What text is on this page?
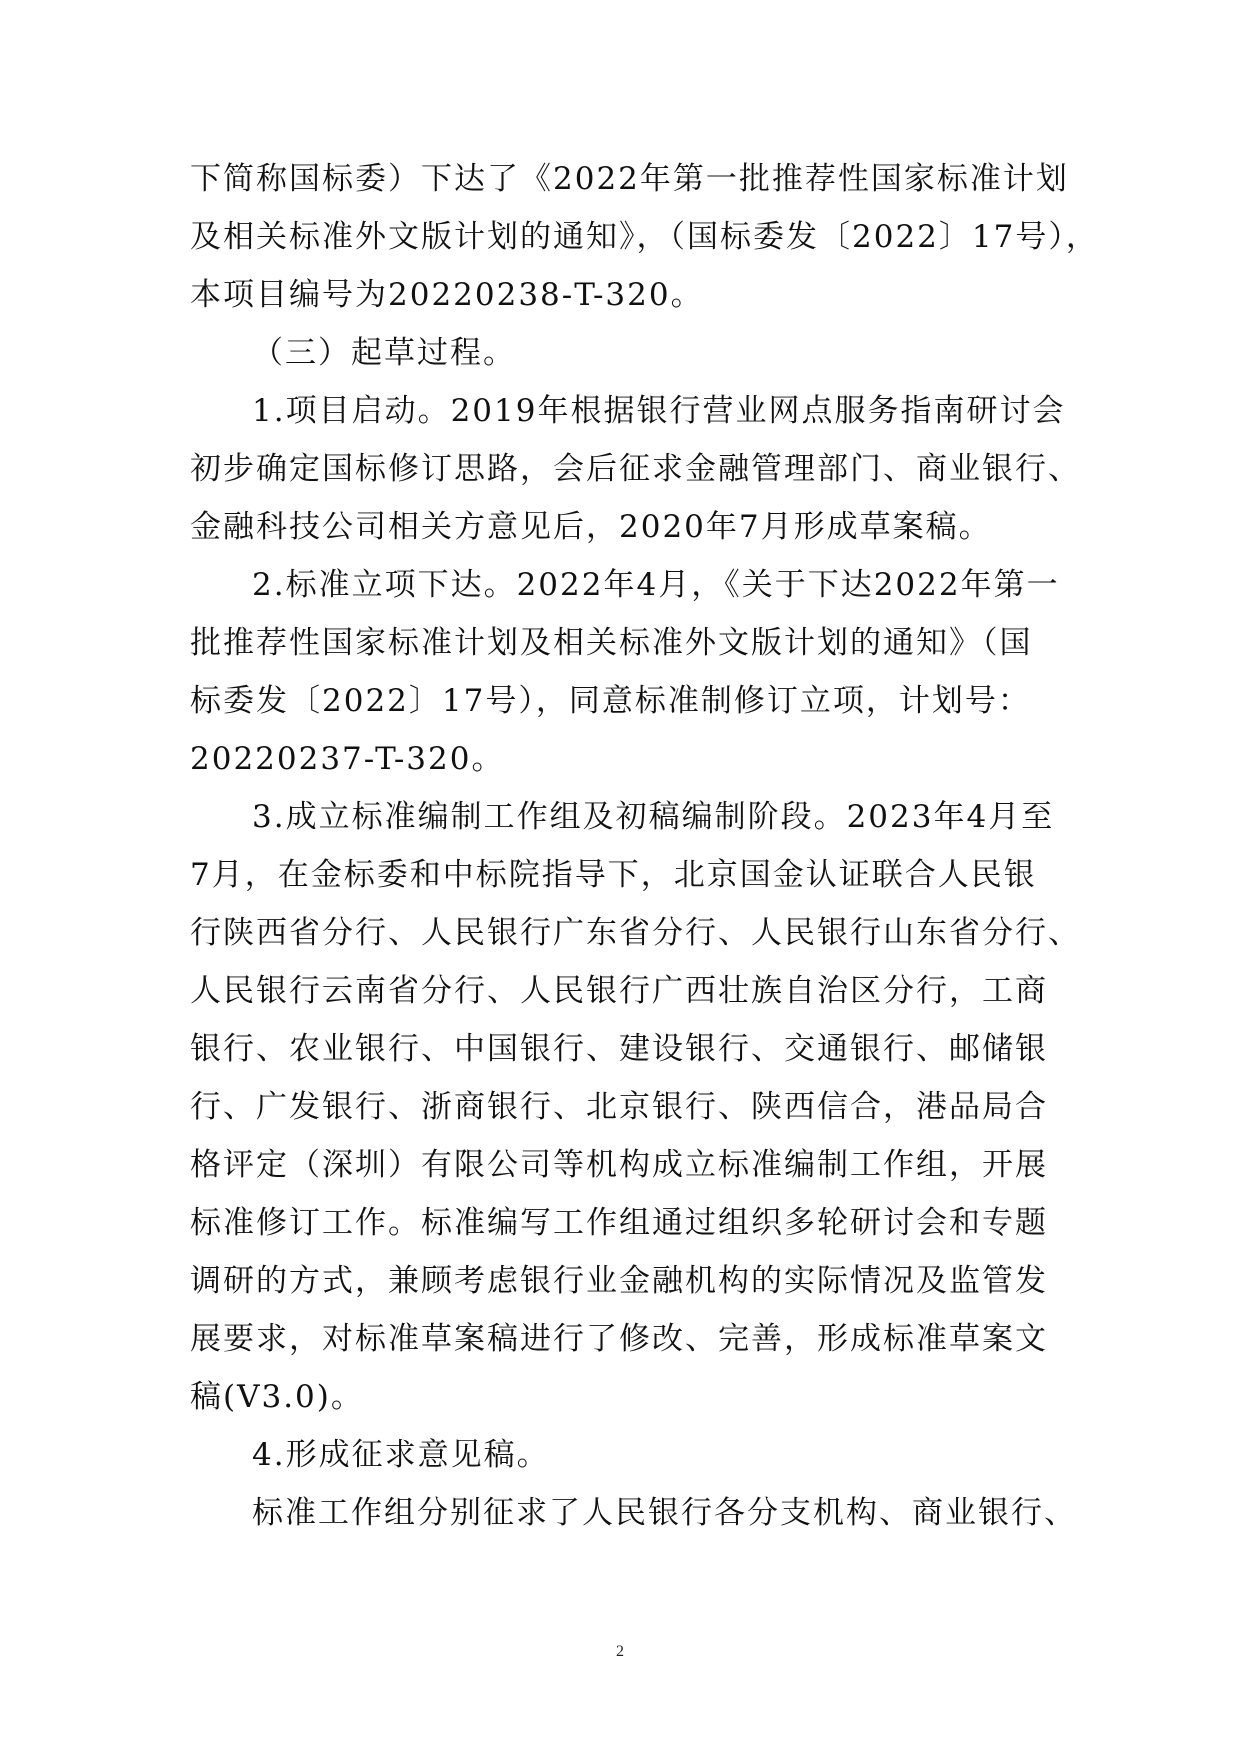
下简称国标委）下达了《2022年第一批推荐性国家标准计划
及相关标准外文版计划的通知》，（国标委发〔2022〕17号），
本项目编号为20220238-T-320。
（三）起草过程。
1.项目启动。2019年根据银行营业网点服务指南研讨会
初步确定国标修订思路，会后征求金融管理部门、商业银行、
金融科技公司相关方意见后，2020年7月形成草案稿。
2.标准立项下达。2022年4月，《关于下达2022年第一
批推荐性国家标准计划及相关标准外文版计划的通知》（国
标委发〔2022〕17号），同意标准制修订立项，计划号：
20220237-T-320。
3.成立标准编制工作组及初稿编制阶段。2023年4月至
7月，在金标委和中标院指导下，北京国金认证联合人民银
行陕西省分行、人民银行广东省分行、人民银行山东省分行、
人民银行云南省分行、人民银行广西壮族自治区分行，工商
银行、农业银行、中国银行、建设银行、交通银行、邮储银
行、广发银行、浙商银行、北京银行、陕西信合，港品局合
格评定（深圳）有限公司等机构成立标准编制工作组，开展
标准修订工作。标准编写工作组通过组织多轮研讨会和专题
调研的方式，兼顾考虑银行业金融机构的实际情况及监管发
展要求，对标准草案稿进行了修改、完善，形成标准草案文
稿(V3.0)。
4.形成征求意见稿。
标准工作组分别征求了人民银行各分支机构、商业银行、
2
